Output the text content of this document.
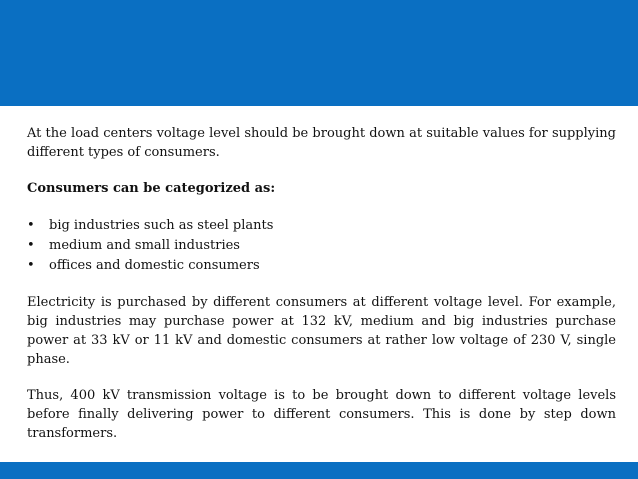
At the load centers voltage level should be brought down at suitable values for supplying different types of consumers.

Consumers can be categorized as:

• big industries such as steel plants
• medium and small industries
• offices and domestic consumers

Electricity is purchased by different consumers at different voltage level. For example, big industries may purchase power at 132 kV, medium and big industries purchase power at 33 kV or 11 kV and domestic consumers at rather low voltage of 230 V, single phase.

Thus, 400 kV transmission voltage is to be brought down to different voltage levels before finally delivering power to different consumers. This is done by step down transformers.
